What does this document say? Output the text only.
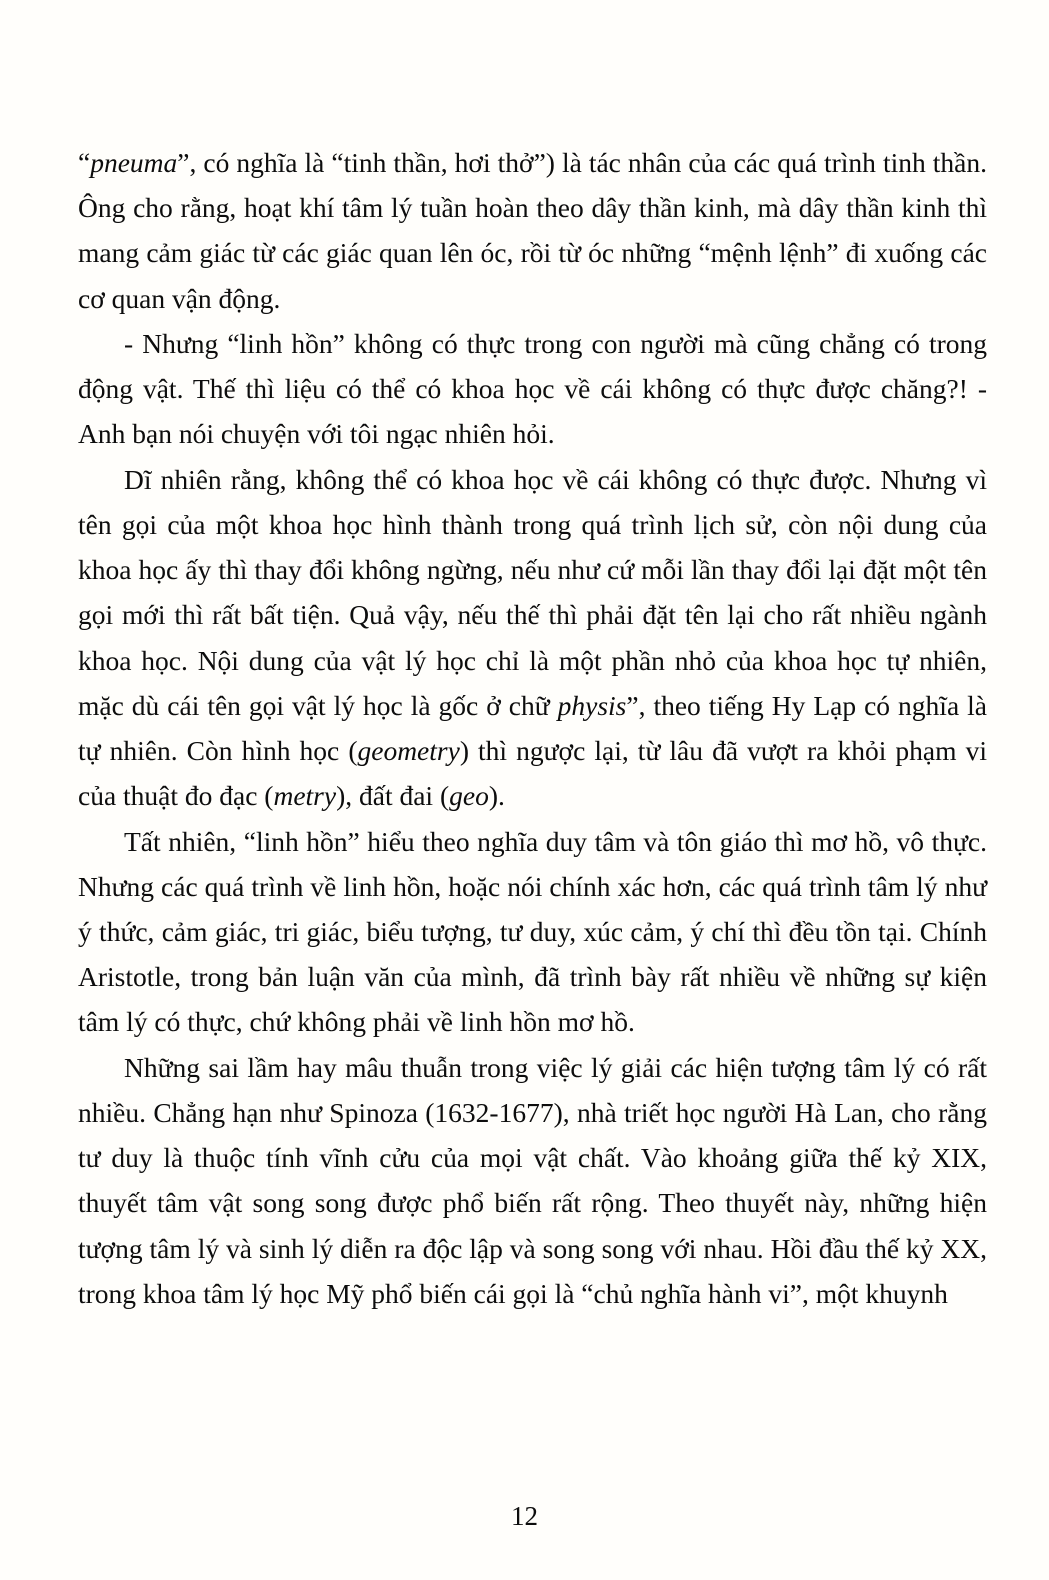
“pneuma”, có nghĩa là “tinh thần, hơi thở”) là tác nhân của các quá trình tinh thần. Ông cho rằng, hoạt khí tâm lý tuần hoàn theo dây thần kinh, mà dây thần kinh thì mang cảm giác từ các giác quan lên óc, rồi từ óc những “mệnh lệnh” đi xuống các cơ quan vận động.

- Nhưng “linh hồn” không có thực trong con người mà cũng chẳng có trong động vật. Thế thì liệu có thể có khoa học về cái không có thực được chăng?! - Anh bạn nói chuyện với tôi ngạc nhiên hỏi.

Dĩ nhiên rằng, không thể có khoa học về cái không có thực được. Nhưng vì tên gọi của một khoa học hình thành trong quá trình lịch sử, còn nội dung của khoa học ấy thì thay đổi không ngừng, nếu như cứ mỗi lần thay đổi lại đặt một tên gọi mới thì rất bất tiện. Quả vậy, nếu thế thì phải đặt tên lại cho rất nhiều ngành khoa học. Nội dung của vật lý học chỉ là một phần nhỏ của khoa học tự nhiên, mặc dù cái tên gọi vật lý học là gốc ở chữ physis”, theo tiếng Hy Lạp có nghĩa là tự nhiên. Còn hình học (geometry) thì ngược lại, từ lâu đã vượt ra khỏi phạm vi của thuật đo đạc (metry), đất đai (geo).

Tất nhiên, “linh hồn” hiểu theo nghĩa duy tâm và tôn giáo thì mơ hồ, vô thực. Nhưng các quá trình về linh hồn, hoặc nói chính xác hơn, các quá trình tâm lý như ý thức, cảm giác, tri giác, biểu tượng, tư duy, xúc cảm, ý chí thì đều tồn tại. Chính Aristotle, trong bản luận văn của mình, đã trình bày rất nhiều về những sự kiện tâm lý có thực, chứ không phải về linh hồn mơ hồ.

Những sai lầm hay mâu thuẫn trong việc lý giải các hiện tượng tâm lý có rất nhiều. Chẳng hạn như Spinoza (1632-1677), nhà triết học người Hà Lan, cho rằng tư duy là thuộc tính vĩnh cửu của mọi vật chất. Vào khoảng giữa thế kỷ XIX, thuyết tâm vật song song được phổ biến rất rộng. Theo thuyết này, những hiện tượng tâm lý và sinh lý diễn ra độc lập và song song với nhau. Hồi đầu thế kỷ XX, trong khoa tâm lý học Mỹ phổ biến cái gọi là “chủ nghĩa hành vi”, một khuynh

12
